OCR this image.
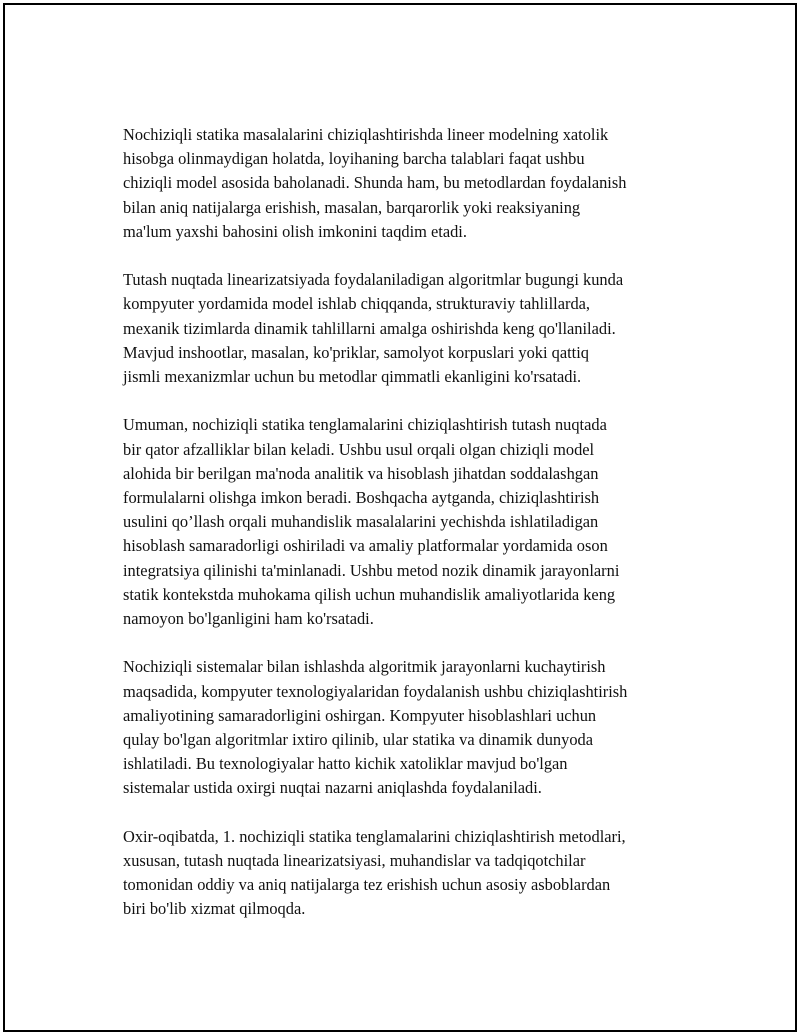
Nochiziqli statika masalalarini chiziqlashtirishda lineer modelning xatolik
hisobga olinmaydigan holatda, loyihaning barcha talablari faqat ushbu
chiziqli model asosida baholanadi. Shunda ham, bu metodlardan foydalanish
bilan aniq natijalarga erishish, masalan, barqarorlik yoki reaksiyaning
ma'lum yaxshi bahosini olish imkonini taqdim etadi.

Tutash nuqtada linearizatsiyada foydalaniladigan algoritmlar bugungi kunda
kompyuter yordamida model ishlab chiqqanda, strukturaviy tahlillarda,
mexanik tizimlarda dinamik tahlillarni amalga oshirishda keng qo'llaniladi.
Mavjud inshootlar, masalan, ko'priklar, samolyot korpuslari yoki qattiq
jismli mexanizmlar uchun bu metodlar qimmatli ekanligini ko'rsatadi.

Umuman, nochiziqli statika tenglamalarini chiziqlashtirish tutash nuqtada
bir qator afzalliklar bilan keladi. Ushbu usul orqali olgan chiziqli model
alohida bir berilgan ma'noda analitik va hisoblash jihatdan soddalashgan
formulalarni olishga imkon beradi. Boshqacha aytganda, chiziqlashtirish
usulini qo’llash orqali muhandislik masalalarini yechishda ishlatiladigan
hisoblash samaradorligi oshiriladi va amaliy platformalar yordamida oson
integratsiya qilinishi ta'minlanadi. Ushbu metod nozik dinamik jarayonlarni
statik kontekstda muhokama qilish uchun muhandislik amaliyotlarida keng
namoyon bo'lganligini ham ko'rsatadi.

Nochiziqli sistemalar bilan ishlashda algoritmik jarayonlarni kuchaytirish
maqsadida, kompyuter texnologiyalaridan foydalanish ushbu chiziqlashtirish
amaliyotining samaradorligini oshirgan. Kompyuter hisoblashlari uchun
qulay bo'lgan algoritmlar ixtiro qilinib, ular statika va dinamik dunyoda
ishlatiladi. Bu texnologiyalar hatto kichik xatoliklar mavjud bo'lgan
sistemalar ustida oxirgi nuqtai nazarni aniqlashda foydalaniladi.

Oxir-oqibatda, 1. nochiziqli statika tenglamalarini chiziqlashtirish metodlari,
xususan, tutash nuqtada linearizatsiyasi, muhandislar va tadqiqotchilar
tomonidan oddiy va aniq natijalarga tez erishish uchun asosiy asboblardan
biri bo'lib xizmat qilmoqda.
